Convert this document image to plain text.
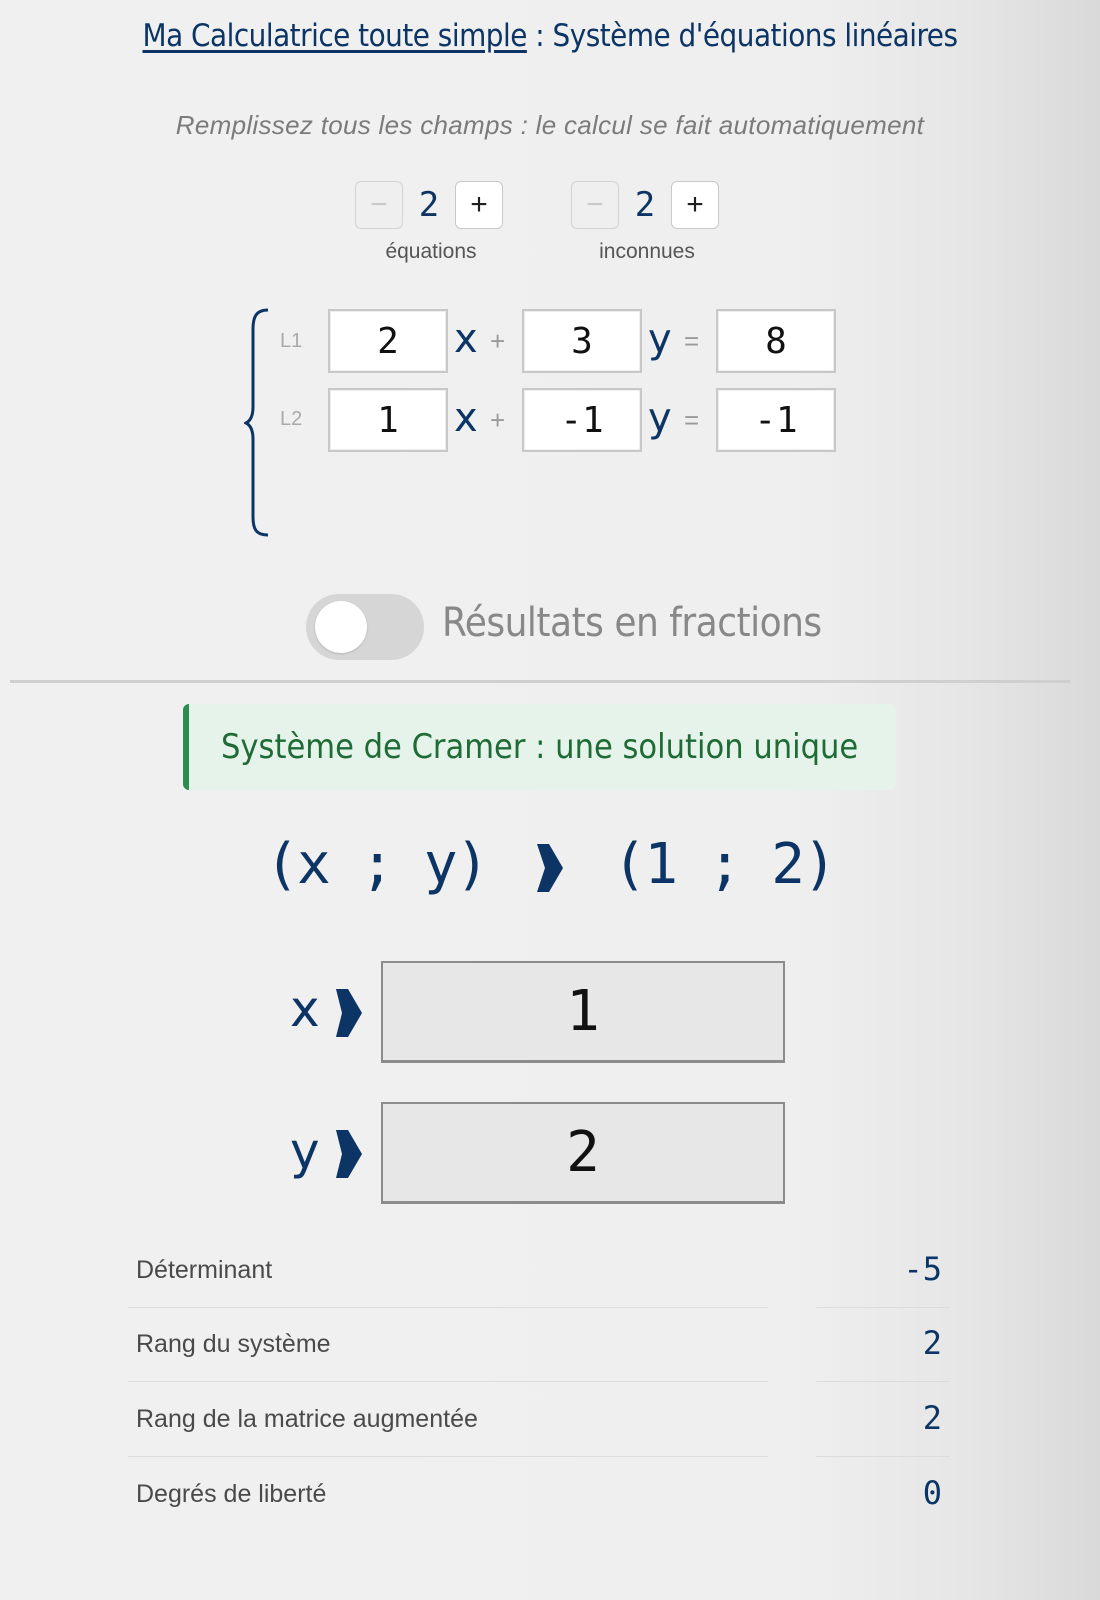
Ma Calculatrice toute simple : Système d'équations linéaires
Remplissez tous les champs : le calcul se fait automatiquement
− 2	+
équations
− 2	+
inconnues
L1	2	x +	3	y =	8
L2	1	x +	-1	y =	-1
Résultats en fractions
Système de Cramer : une solution unique
(x ; y) (1 ; 2)
x	1
y	2
Déterminant	-5
Rang du système	2
Rang de la matrice augmentée	2
Degrés de liberté	0
